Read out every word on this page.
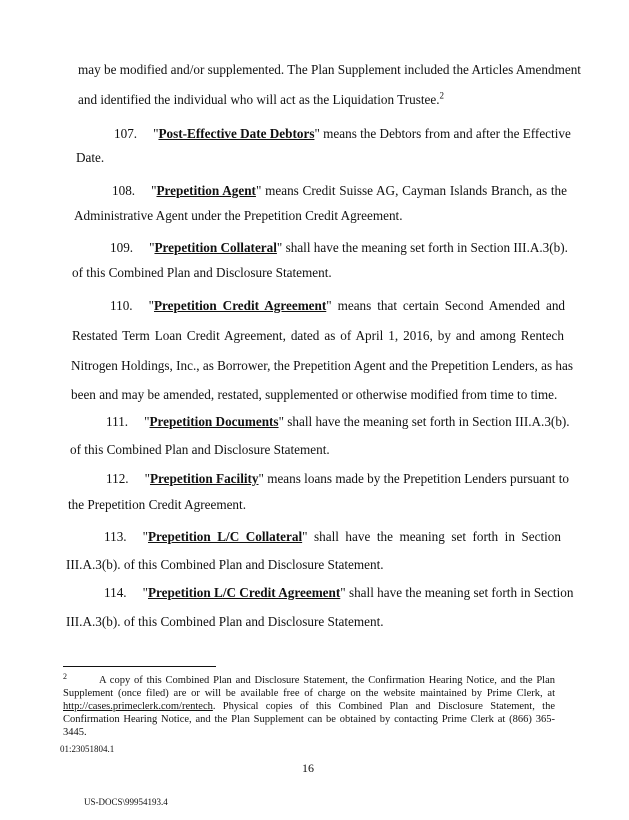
may be modified and/or supplemented. The Plan Supplement included the Articles Amendment
and identified the individual who will act as the Liquidation Trustee.$^2$
107. "Post-Effective Date Debtors" means the Debtors from and after the Effective
Date.
108. "Prepetition Agent" means Credit Suisse AG, Cayman Islands Branch, as the
Administrative Agent under the Prepetition Credit Agreement.
109. "Prepetition Collateral" shall have the meaning set forth in Section III.A.3(b).
of this Combined Plan and Disclosure Statement.
110. "Prepetition Credit Agreement" means that certain Second Amended and
Restated Term Loan Credit Agreement, dated as of April 1, 2016, by and among Rentech
Nitrogen Holdings, Inc., as Borrower, the Prepetition Agent and the Prepetition Lenders, as has
been and may be amended, restated, supplemented or otherwise modified from time to time.
111. "Prepetition Documents" shall have the meaning set forth in Section III.A.3(b).
of this Combined Plan and Disclosure Statement.
112. "Prepetition Facility" means loans made by the Prepetition Lenders pursuant to
the Prepetition Credit Agreement.
113. "Prepetition L/C Collateral" shall have the meaning set forth in Section
III.A.3(b). of this Combined Plan and Disclosure Statement.
114. "Prepetition L/C Credit Agreement" shall have the meaning set forth in Section
III.A.3(b). of this Combined Plan and Disclosure Statement.
2	A copy of this Combined Plan and Disclosure Statement, the Confirmation Hearing Notice, and the Plan
Supplement (once filed) are or will be available free of charge on the website maintained by Prime Clerk, at
http://cases.primeclerk.com/rentech. Physical copies of this Combined Plan and Disclosure Statement, the
Confirmation Hearing Notice, and the Plan Supplement can be obtained by contacting Prime Clerk at (866) 365-
3445.
01:23051804.1
16
US-DOCS\99954193.4
